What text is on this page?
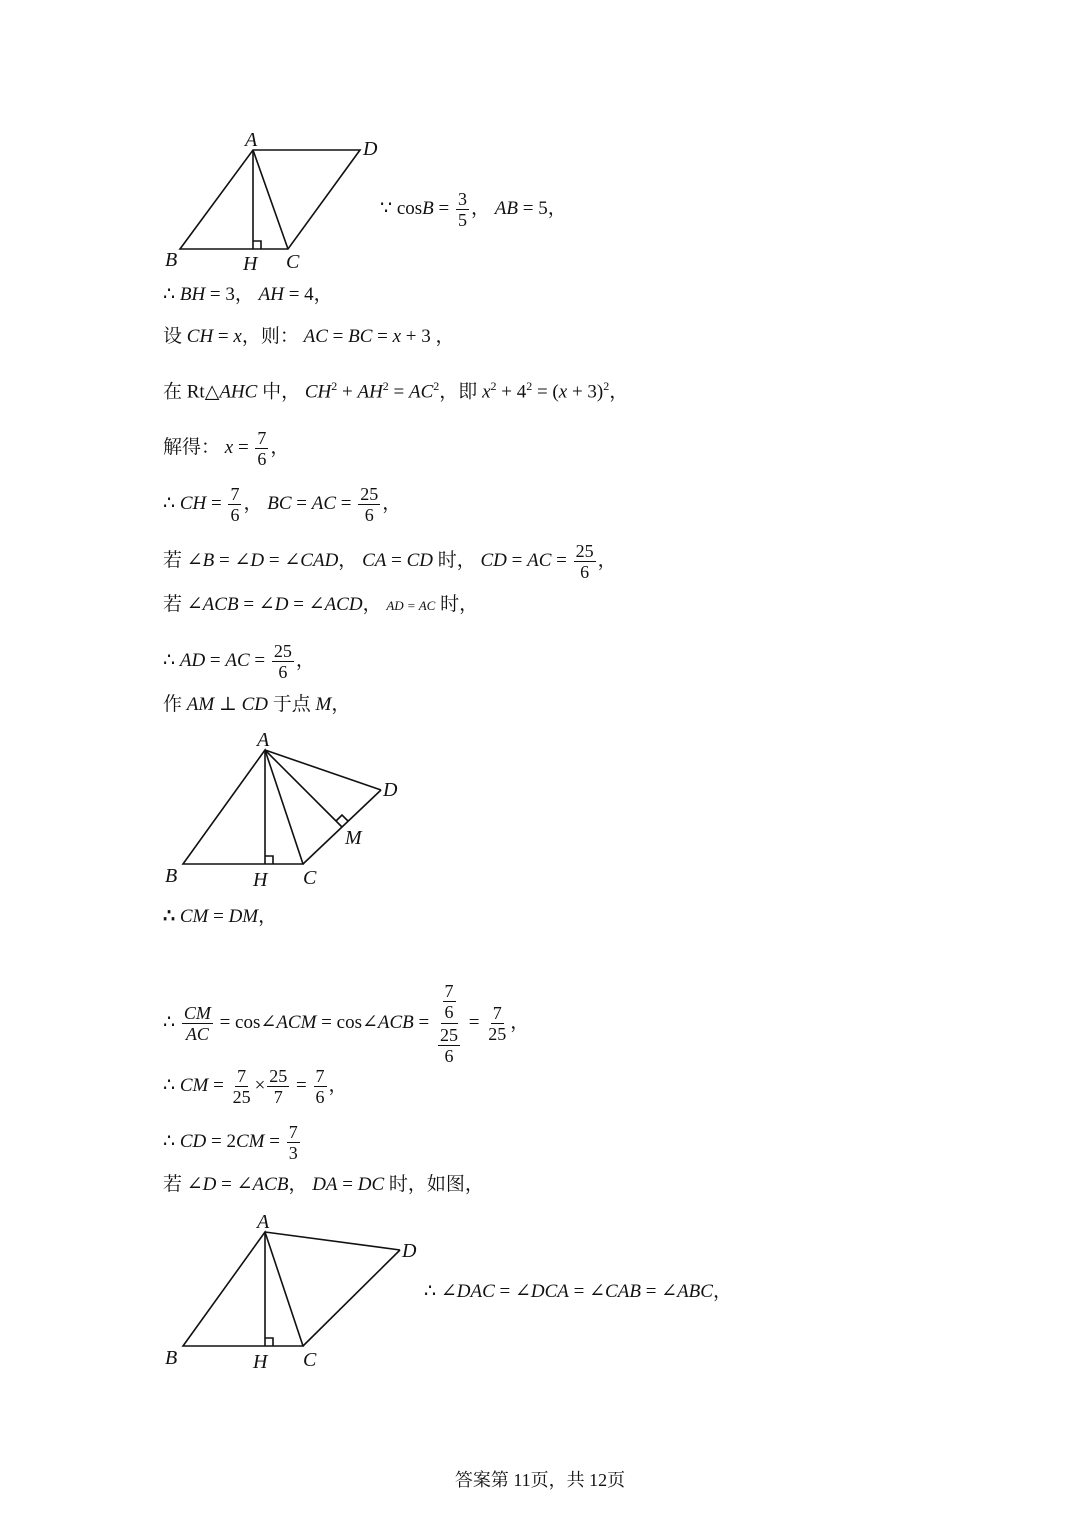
A	D
B	H C
∵ $\cos B = \frac{3}{5}$ ， AB = 5，
∴ BH = 3， AH = 4，
设 CH = x，则： AC = BC = x + 3 ，
在 Rt△AHC 中， $CH^2 + AH^2 = AC^2$，即 $x^2 + 4^2 = (x + 3)^2$，
解得： $x = \frac{7}{6}$ ，
∴ CH = $\frac{7}{6}$ ， BC = AC = $\frac{25}{6}$ ，
若 ∠B = ∠D = ∠CAD， CA = CD 时， CD = AC = $\frac{25}{6}$ ，
若 ∠ACB = ∠D = ∠ACD， AD = AC 时，
∴ AD = AC = $\frac{25}{6}$ ，
作 AM ⊥ CD 于点 M，
A
D
M
B	H C
∴ CM = DM，
∴ $\frac{CM}{AC}$ = cos∠ACM = cos∠ACB = 7
6
25
$6 = \frac{7}{25}$ ，
∴ CM = $\frac{7}{25} \times \frac{25}{7} = \frac{7}{6}$ ，
∴ CD = $2CM = \frac{7}{3}$
若 ∠D = ∠ACB， DA = DC 时，如图，
A
D
B	H C
∴ ∠DAC = ∠DCA = ∠CAB = ∠ABC，
答案第 11页，共 12页
